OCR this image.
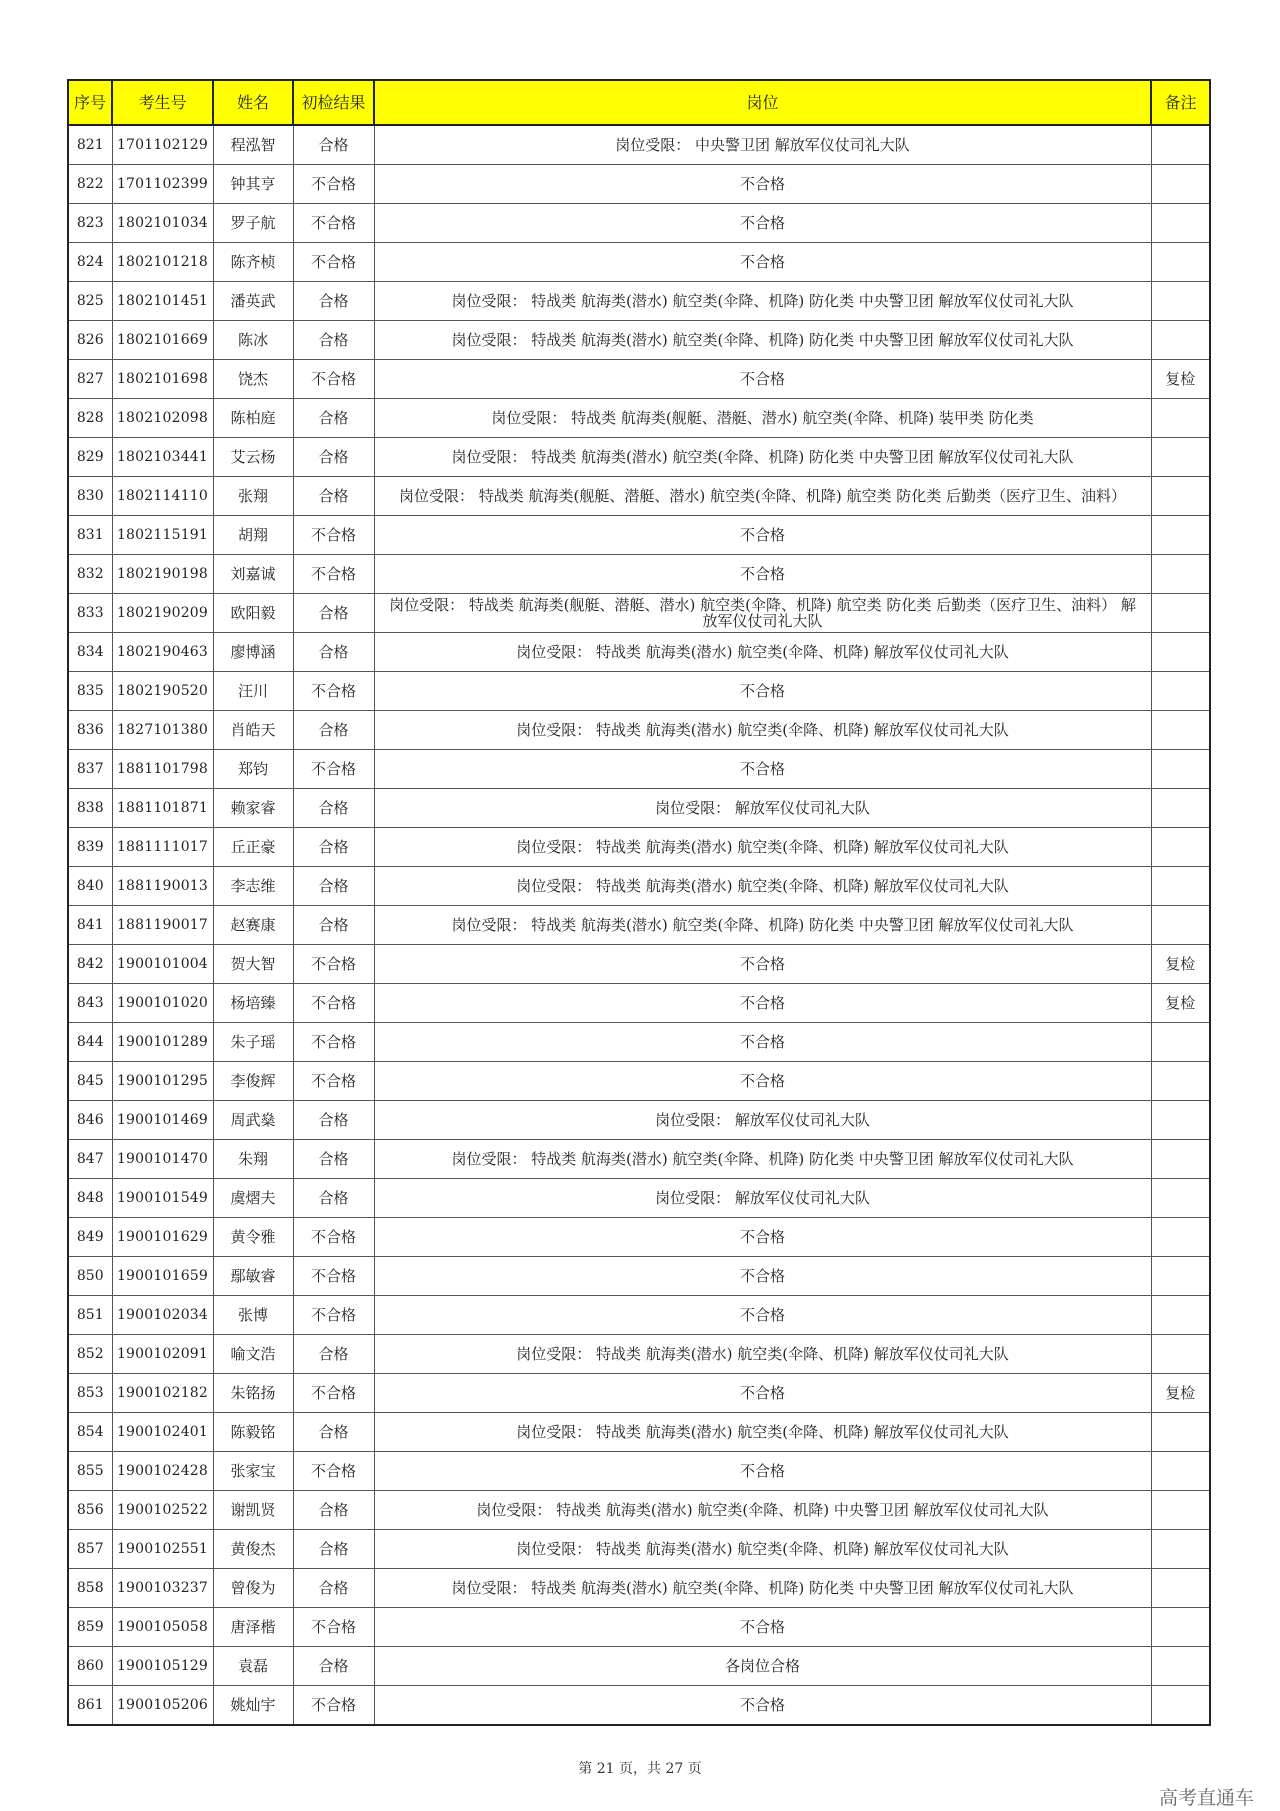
序号	考生号	姓名	初检结果	岗位	备注
821	1701102129	程泓智	合格	岗位受限： 中央警卫团 解放军仪仗司礼大队	
822	1701102399	钟其亨	不合格	不合格	
823	1802101034	罗子航	不合格	不合格	
824	1802101218	陈齐桢	不合格	不合格	
825	1802101451	潘英武	合格	岗位受限： 特战类 航海类(潜水) 航空类(伞降、机降) 防化类 中央警卫团 解放军仪仗司礼大队	
826	1802101669	陈冰	合格	岗位受限： 特战类 航海类(潜水) 航空类(伞降、机降) 防化类 中央警卫团 解放军仪仗司礼大队	
827	1802101698	饶杰	不合格	不合格	复检
828	1802102098	陈柏庭	合格	岗位受限： 特战类 航海类(舰艇、潜艇、潜水) 航空类(伞降、机降) 装甲类 防化类	
829	1802103441	艾云杨	合格	岗位受限： 特战类 航海类(潜水) 航空类(伞降、机降) 防化类 中央警卫团 解放军仪仗司礼大队	
830	1802114110	张翔	合格	岗位受限： 特战类 航海类(舰艇、潜艇、潜水) 航空类(伞降、机降) 航空类 防化类 后勤类（医疗卫生、油料）	
831	1802115191	胡翔	不合格	不合格	
832	1802190198	刘嘉诚	不合格	不合格	
833	1802190209	欧阳毅	合格	岗位受限： 特战类 航海类(舰艇、潜艇、潜水) 航空类(伞降、机降) 航空类 防化类 后勤类（医疗卫生、油料） 解放军仪仗司礼大队	
834	1802190463	廖博涵	合格	岗位受限： 特战类 航海类(潜水) 航空类(伞降、机降) 解放军仪仗司礼大队	
835	1802190520	汪川	不合格	不合格	
836	1827101380	肖皓天	合格	岗位受限： 特战类 航海类(潜水) 航空类(伞降、机降) 解放军仪仗司礼大队	
837	1881101798	郑钧	不合格	不合格	
838	1881101871	赖家睿	合格	岗位受限： 解放军仪仗司礼大队	
839	1881111017	丘正豪	合格	岗位受限： 特战类 航海类(潜水) 航空类(伞降、机降) 解放军仪仗司礼大队	
840	1881190013	李志维	合格	岗位受限： 特战类 航海类(潜水) 航空类(伞降、机降) 解放军仪仗司礼大队	
841	1881190017	赵赛康	合格	岗位受限： 特战类 航海类(潜水) 航空类(伞降、机降) 防化类 中央警卫团 解放军仪仗司礼大队	
842	1900101004	贺大智	不合格	不合格	复检
843	1900101020	杨培臻	不合格	不合格	复检
844	1900101289	朱子瑶	不合格	不合格	
845	1900101295	李俊辉	不合格	不合格	
846	1900101469	周武燊	合格	岗位受限： 解放军仪仗司礼大队	
847	1900101470	朱翔	合格	岗位受限： 特战类 航海类(潜水) 航空类(伞降、机降) 防化类 中央警卫团 解放军仪仗司礼大队	
848	1900101549	虞熠夫	合格	岗位受限： 解放军仪仗司礼大队	
849	1900101629	黄令雅	不合格	不合格	
850	1900101659	鄢敏睿	不合格	不合格	
851	1900102034	张博	不合格	不合格	
852	1900102091	喻文浩	合格	岗位受限： 特战类 航海类(潜水) 航空类(伞降、机降) 解放军仪仗司礼大队	
853	1900102182	朱铭扬	不合格	不合格	复检
854	1900102401	陈毅铭	合格	岗位受限： 特战类 航海类(潜水) 航空类(伞降、机降) 解放军仪仗司礼大队	
855	1900102428	张家宝	不合格	不合格	
856	1900102522	谢凯贤	合格	岗位受限： 特战类 航海类(潜水) 航空类(伞降、机降) 中央警卫团 解放军仪仗司礼大队	
857	1900102551	黄俊杰	合格	岗位受限： 特战类 航海类(潜水) 航空类(伞降、机降) 解放军仪仗司礼大队	
858	1900103237	曾俊为	合格	岗位受限： 特战类 航海类(潜水) 航空类(伞降、机降) 防化类 中央警卫团 解放军仪仗司礼大队	
859	1900105058	唐泽楷	不合格	不合格	
860	1900105129	袁磊	合格	各岗位合格	
861	1900105206	姚灿宇	不合格	不合格	
第 21 页，共 27 页
高考直通车
